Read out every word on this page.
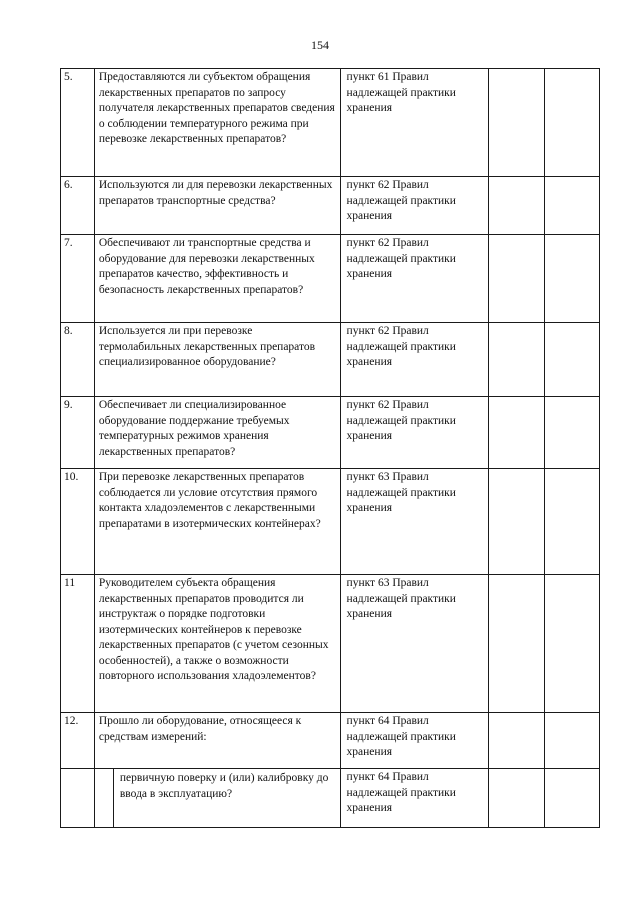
154
5.	Предоставляются ли субъектом обращения лекарственных препаратов по запросу получателя лекарственных препаратов сведения о соблюдении температурного режима при перевозке лекарственных препаратов?	пункт 61 Правил надлежащей практики хранения		

6.	Используются ли для перевозки лекарственных препаратов транспортные средства?	пункт 62 Правил надлежащей практики хранения		

7.	Обеспечивают ли транспортные средства и оборудование для перевозки лекарственных препаратов качество, эффективность и безопасность лекарственных препаратов?	пункт 62 Правил надлежащей практики хранения		

8.	Используется ли при перевозке термолабильных лекарственных препаратов специализированное оборудование?	пункт 62 Правил надлежащей практики хранения		

9.	Обеспечивает ли специализированное оборудование поддержание требуемых температурных режимов хранения лекарственных препаратов?	пункт 62 Правил надлежащей практики хранения		

10.	При перевозке лекарственных препаратов соблюдается ли условие отсутствия прямого контакта хладоэлементов с лекарственными препаратами в изотермических контейнерах?	пункт 63 Правил надлежащей практики хранения		

11	Руководителем субъекта обращения лекарственных препаратов проводится ли инструктаж о порядке подготовки изотермических контейнеров к перевозке лекарственных препаратов (с учетом сезонных особенностей), а также о возможности повторного использования хладоэлементов?	пункт 63 Правил надлежащей практики хранения		

12.	Прошло ли оборудование, относящееся к средствам измерений:	пункт 64 Правил надлежащей практики хранения		

	первичную поверку и (или) калибровку до ввода в эксплуатацию?	пункт 64 Правил надлежащей практики хранения		
